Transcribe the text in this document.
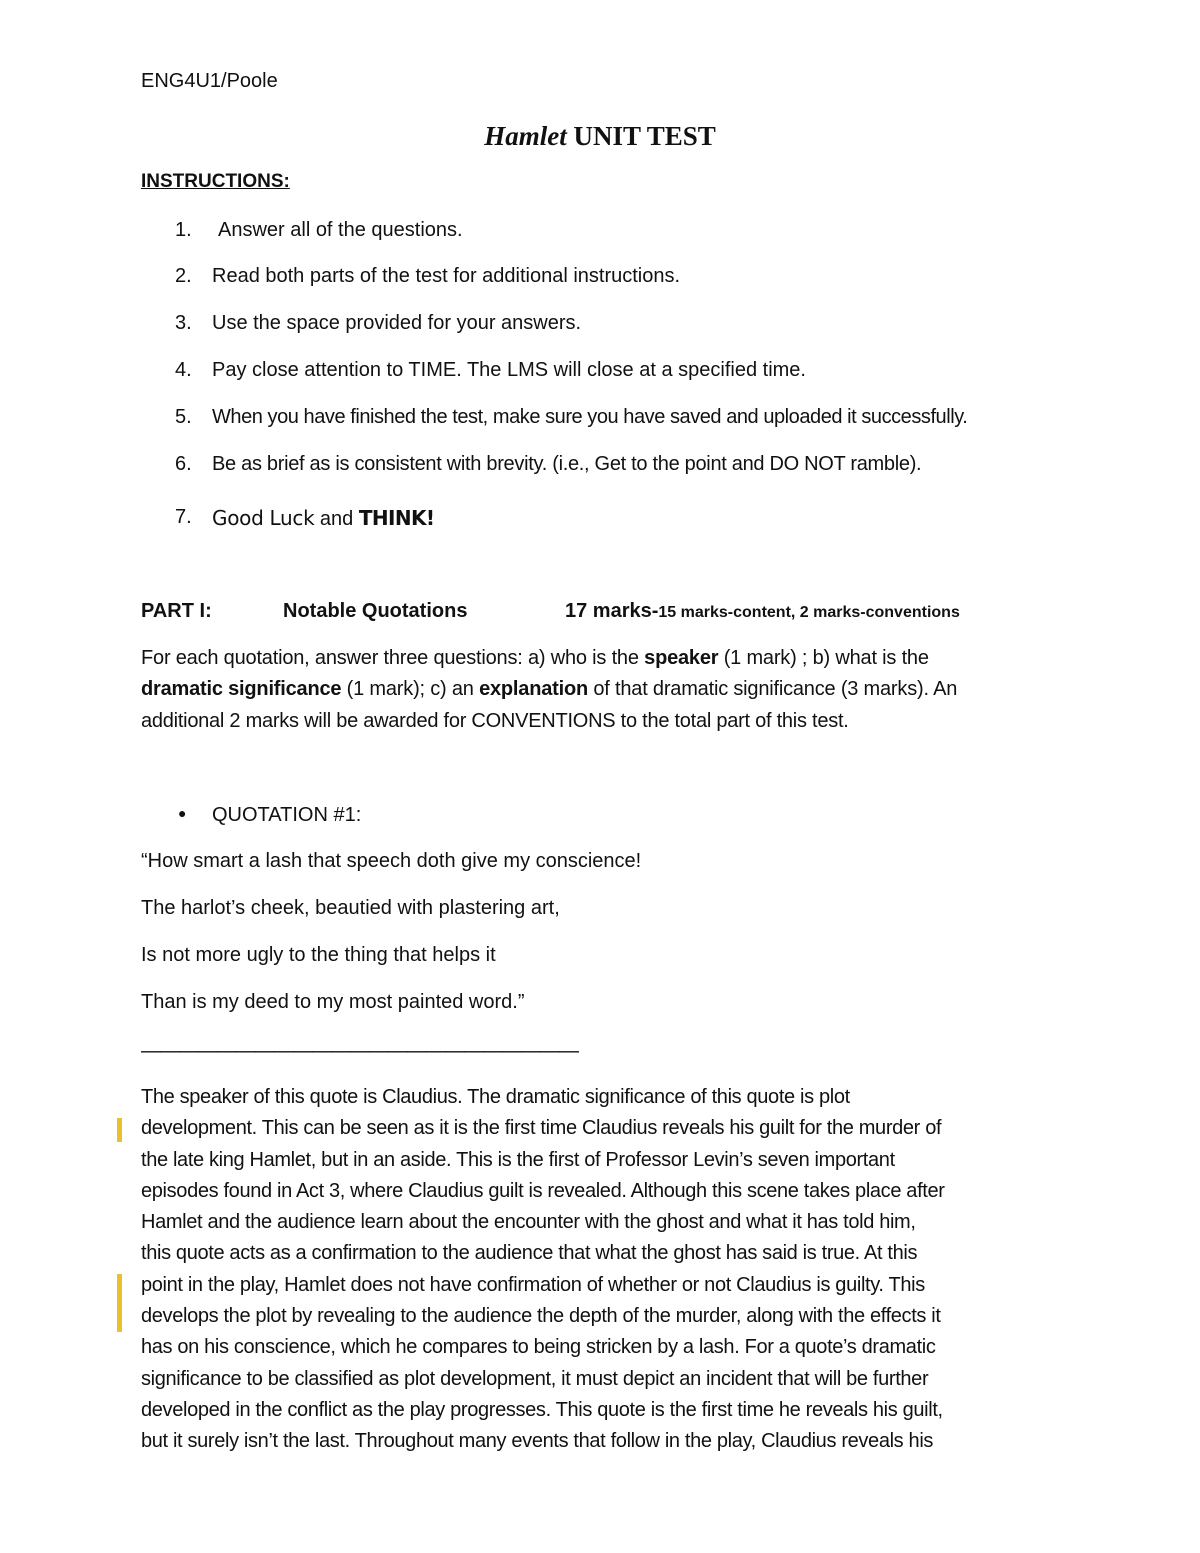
ENG4U1/Poole
Hamlet UNIT TEST
INSTRUCTIONS:
1. Answer all of the questions.
2. Read both parts of the test for additional instructions.
3. Use the space provided for your answers.
4. Pay close attention to TIME. The LMS will close at a specified time.
5. When you have finished the test, make sure you have saved and uploaded it successfully.
6. Be as brief as is consistent with brevity. (i.e., Get to the point and DO NOT ramble).
7. Good Luck and THINK!
PART I:	Notable Quotations	17 marks-15 marks-content, 2 marks-conventions
For each quotation, answer three questions: a) who is the speaker (1 mark) ; b) what is the
dramatic significance (1 mark); c) an explanation of that dramatic significance (3 marks). An
additional 2 marks will be awarded for CONVENTIONS to the total part of this test.
● QUOTATION #1:
“How smart a lash that speech doth give my conscience!
The harlot’s cheek, beautied with plastering art,
Is not more ugly to the thing that helps it
Than is my deed to my most painted word.”
———————————————————————
The speaker of this quote is Claudius. The dramatic significance of this quote is plot
development. This can be seen as it is the first time Claudius reveals his guilt for the murder of
the late king Hamlet, but in an aside. This is the first of Professor Levin’s seven important
episodes found in Act 3, where Claudius guilt is revealed. Although this scene takes place after
Hamlet and the audience learn about the encounter with the ghost and what it has told him,
this quote acts as a confirmation to the audience that what the ghost has said is true. At this
point in the play, Hamlet does not have confirmation of whether or not Claudius is guilty. This
develops the plot by revealing to the audience the depth of the murder, along with the effects it
has on his conscience, which he compares to being stricken by a lash. For a quote’s dramatic
significance to be classified as plot development, it must depict an incident that will be further
developed in the conflict as the play progresses. This quote is the first time he reveals his guilt,
but it surely isn’t the last. Throughout many events that follow in the play, Claudius reveals his
